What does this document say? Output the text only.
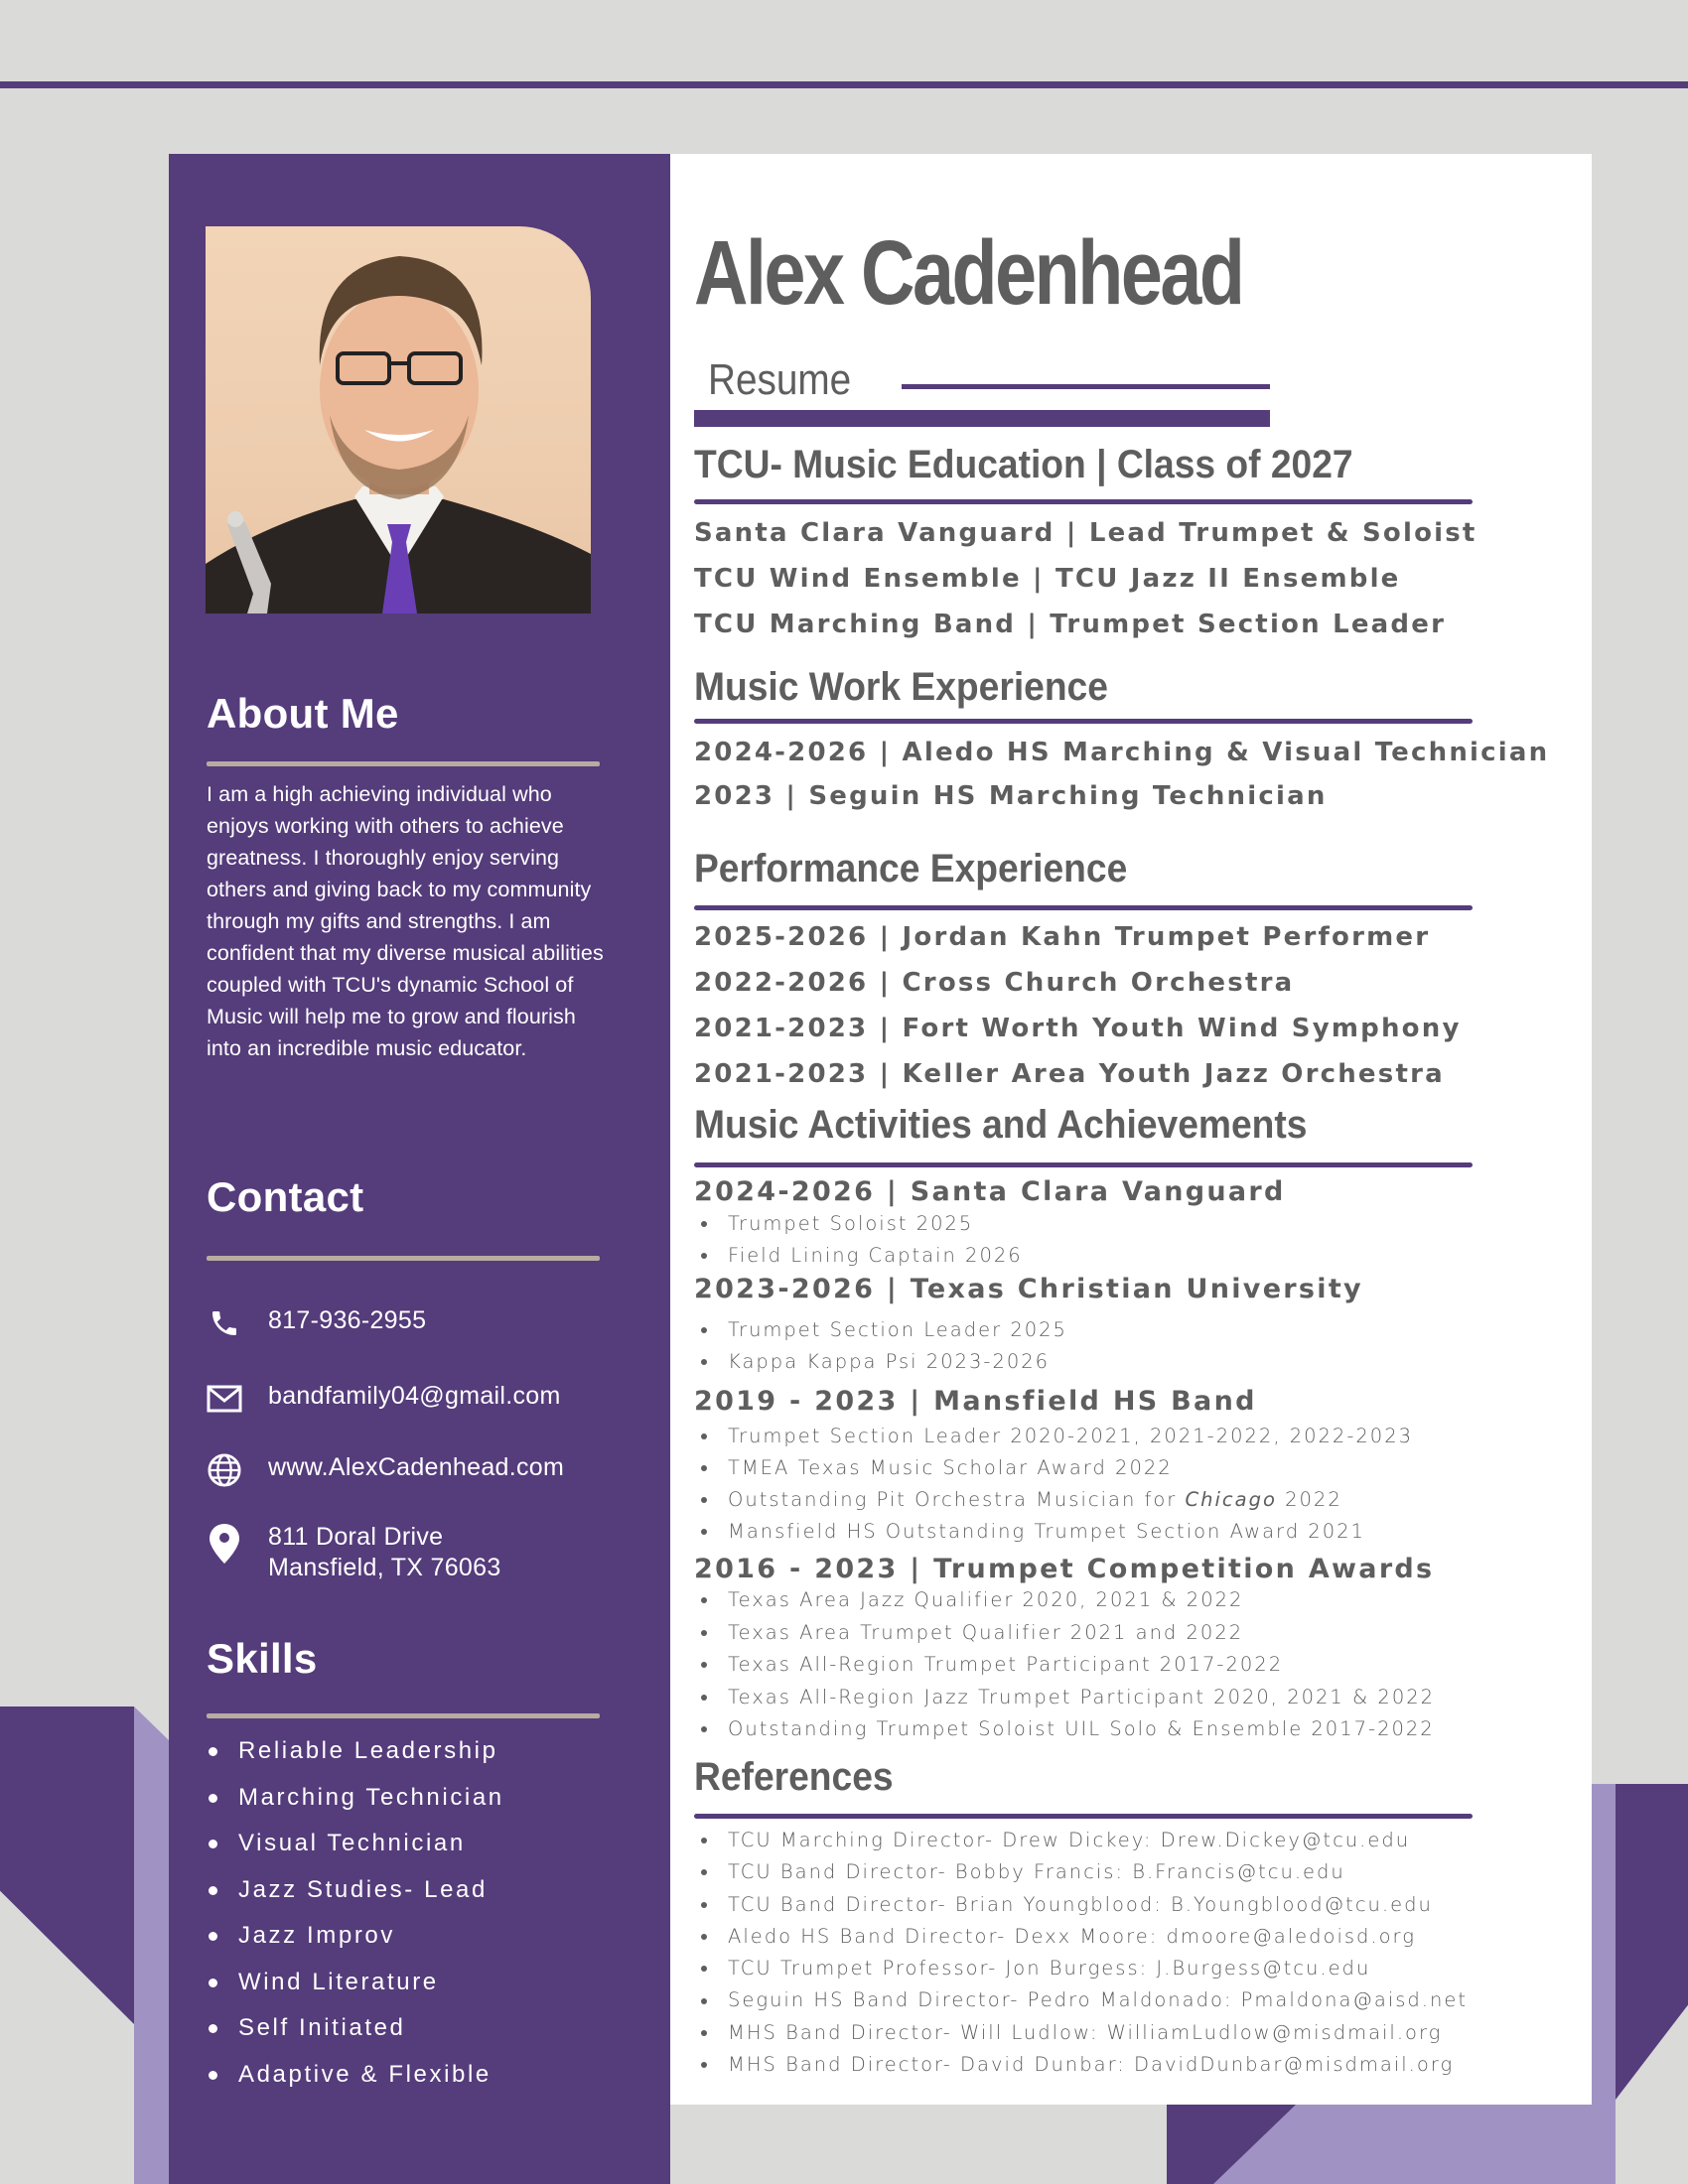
About Me

I am a high achieving individual who enjoys working with others to achieve greatness. I thoroughly enjoy serving others and giving back to my community through my gifts and strengths. I am confident that my diverse musical abilities coupled with TCU's dynamic School of Music will help me to grow and flourish into an incredible music educator.

Contact
817-936-2955
bandfamily04@gmail.com
www.AlexCadenhead.com
811 Doral Drive
Mansfield, TX 76063
Skills
Reliable Leadership
Marching Technician
Visual Technician
Jazz Studies- Lead
Jazz Improv
Wind Literature
Self Initiated
Adaptive & Flexible
Alex Cadenhead
Resume
TCU- Music Education | Class of 2027
Santa Clara Vanguard | Lead Trumpet & Soloist
TCU Wind Ensemble | TCU Jazz II Ensemble
TCU Marching Band | Trumpet Section Leader
Music Work Experience
2024-2026 | Aledo HS Marching & Visual Technician
2023 | Seguin HS Marching Technician
Performance Experience
2025-2026 | Jordan Kahn Trumpet Performer
2022-2026 | Cross Church Orchestra
2021-2023 | Fort Worth Youth Wind Symphony
2021-2023 | Keller Area Youth Jazz Orchestra
Music Activities and Achievements
2024-2026 | Santa Clara Vanguard
Trumpet Soloist 2025
Field Lining Captain 2026
2023-2026 | Texas Christian University
Trumpet Section Leader 2025
Kappa Kappa Psi 2023-2026
2019 - 2023 | Mansfield HS Band
Trumpet Section Leader 2020-2021, 2021-2022, 2022-2023
TMEA Texas Music Scholar Award 2022
Outstanding Pit Orchestra Musician for Chicago 2022
Mansfield HS Outstanding Trumpet Section Award 2021
2016 - 2023 | Trumpet Competition Awards
Texas Area Jazz Qualifier 2020, 2021 & 2022
Texas Area Trumpet Qualifier 2021 and 2022
Texas All-Region Trumpet Participant 2017-2022
Texas All-Region Jazz Trumpet Participant 2020, 2021 & 2022
Outstanding Trumpet Soloist UIL Solo & Ensemble 2017-2022
References
TCU Marching Director- Drew Dickey: Drew.Dickey@tcu.edu
TCU Band Director- Bobby Francis: B.Francis@tcu.edu
TCU Band Director- Brian Youngblood: B.Youngblood@tcu.edu
Aledo HS Band Director- Dexx Moore: dmoore@aledoisd.org
TCU Trumpet Professor- Jon Burgess: J.Burgess@tcu.edu
Seguin HS Band Director- Pedro Maldonado: Pmaldona@aisd.net
MHS Band Director- Will Ludlow: WilliamLudlow@misdmail.org
MHS Band Director- David Dunbar: DavidDunbar@misdmail.org
